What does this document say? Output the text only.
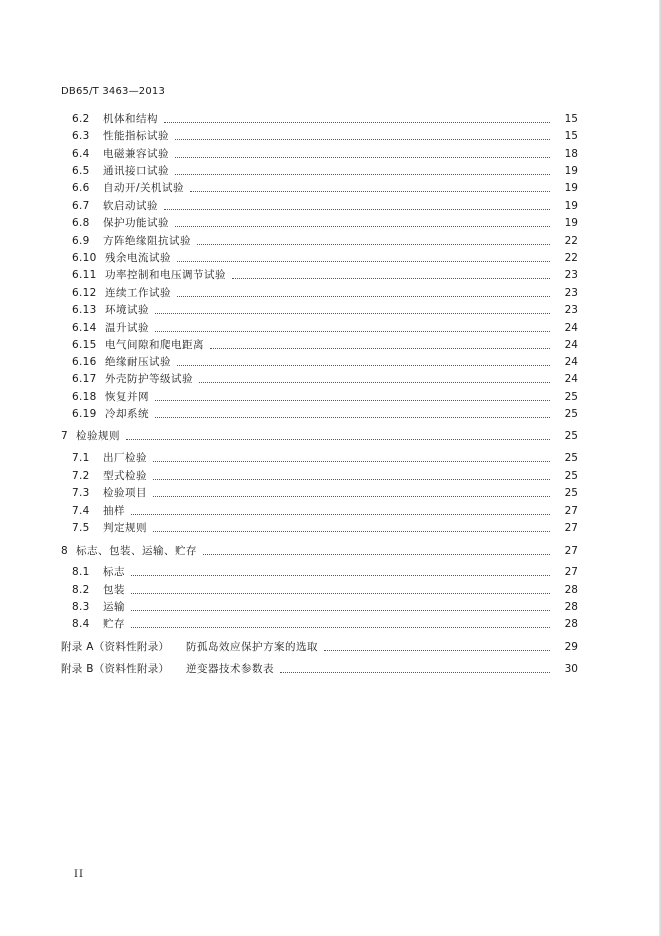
DB65/T 3463—2013
6.2	机体和结构	15
6.3	性能指标试验	15
6.4	电磁兼容试验	18
6.5	通讯接口试验	19
6.6	自动开/关机试验	19
6.7	软启动试验	19
6.8	保护功能试验	19
6.9	方阵绝缘阻抗试验	22
6.10 残余电流试验	22
6.11 功率控制和电压调节试验	23
6.12 连续工作试验	23
6.13 环境试验	23
6.14 温升试验	24
6.15 电气间隙和爬电距离	24
6.16 绝缘耐压试验	24
6.17 外壳防护等级试验	24
6.18 恢复并网	25
6.19 冷却系统	25
7 检验规则	25
7.1	出厂检验	25
7.2	型式检验	25
7.3	检验项目	25
7.4	抽样	27
7.5	判定规则	27
8 标志、包装、运输、贮存	27
8.1	标志	27
8.2	包装	28
8.3	运输	28
8.4	贮存	28
附录 A（资料性附录）	防孤岛效应保护方案的选取	29
附录 B（资料性附录）	逆变器技术参数表	30
II
